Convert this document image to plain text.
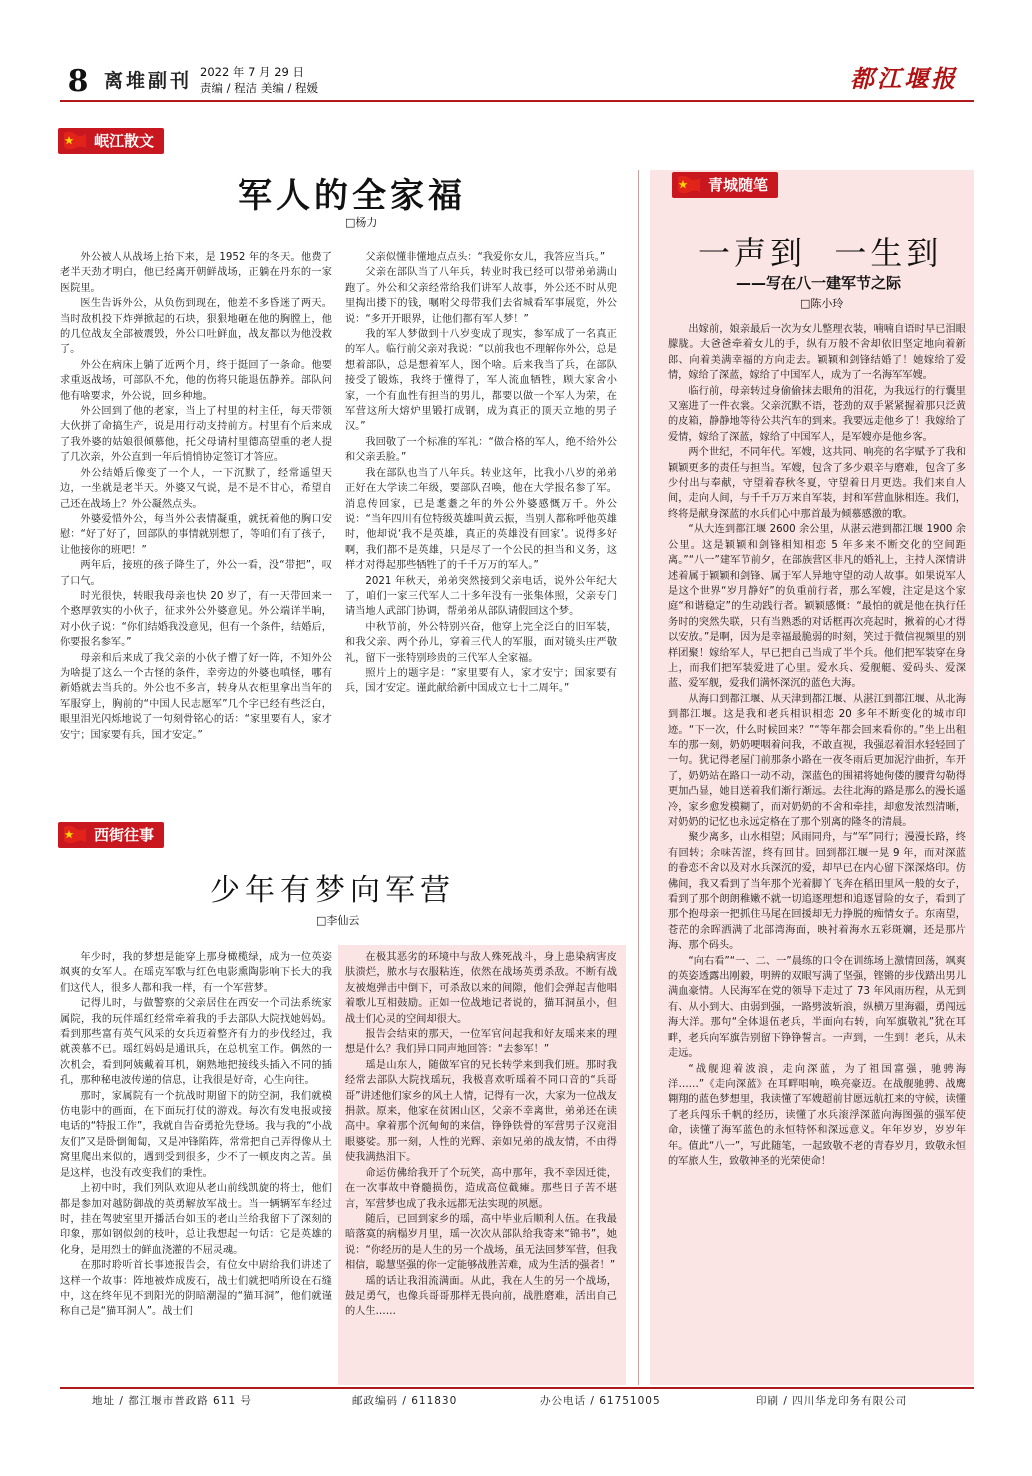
8 离堆副刊 2022 年 7 月 29 日
责编 / 程洁 美编 / 程媛	都江堰报
岷江散文
军人的全家福
□杨力

外公被人从战场上抬下来，是 1952 年的冬天。他费了老半天劲才明白，他已经离开朝鲜战场，正躺在丹东的一家医院里。

医生告诉外公，从负伤到现在，他差不多昏迷了两天。当时敌机投下炸弹掀起的石块，狠狠地砸在他的胸膛上，他的几位战友全部被震毁，外公口吐鲜血，战友都以为他没救了。

外公在病床上躺了近两个月，终于挺回了一条命。他要求重返战场，可部队不允，他的伤将只能退伍静养。部队问他有啥要求，外公说，回乡种地。

外公回到了他的老家，当上了村里的村主任，每天带领大伙拼了命搞生产，说是用行动支持前方。村里有个后来成了我外婆的姑娘很倾慕他，托父母请村里德高望重的老人提了几次亲，外公直到一年后悄悄协定签订才答应。

外公结婚后像变了一个人，一下沉默了，经常遥望天边，一坐就是老半天。外婆又气说，是不是不甘心，希望自己还在战场上？外公凝然点头。

外婆爱惜外公，每当外公表情凝重，就抚着他的胸口安慰：“好了好了，回部队的事情就别想了，等咱们有了孩子，让他接你的班吧！”

两年后，接班的孩子降生了，外公一看，没“带把”，叹了口气。

时光很快，转眼我母亲也快 20 岁了，有一天带回来一个憨厚敦实的小伙子，征求外公外婆意见。外公端详半晌，对小伙子说：“你们结婚我没意见，但有一个条件，结婚后，你要报名参军。”

母亲和后来成了我父亲的小伙子懵了好一阵，不知外公为啥提了这么一个古怪的条件，幸旁边的外婆也嗔怪，哪有新婚就去当兵的。外公也不多言，转身从衣柜里拿出当年的军服穿上，胸前的“中国人民志愿军”几个字已经有些泛白，眼里泪光闪烁地说了一句刻骨铭心的话：“家里要有人，家才安宁；国家要有兵，国才安定。”

父亲似懂非懂地点点头：“我爱你女儿，我答应当兵。”

父亲在部队当了八年兵，转业时我已经可以带弟弟满山跑了。外公和父亲经常给我们讲军人故事，外公还不时从兜里掏出搂下的钱，嘱咐父母带我们去省城看军事展览，外公说：“多开开眼界，让他们都有军人梦！”

我的军人梦做到十八岁变成了现实，参军成了一名真正的军人。临行前父亲对我说：“以前我也不理解你外公，总是想着部队，总是想着军人，图个啥。后来我当了兵，在部队接受了锻炼，我终于懂得了，军人流血牺牲，顾大家舍小家，一个有血性有担当的男儿，都要以做一个军人为荣，在军营这所大熔炉里锻打成钢，成为真正的顶天立地的男子汉。”

我回敬了一个标准的军礼：“做合格的军人，绝不给外公和父亲丢脸。”

我在部队也当了八年兵。转业这年，比我小八岁的弟弟正好在大学读二年级，要部队召唤，他在大学报名参了军。消息传回家，已是耄耋之年的外公外婆感慨万千。外公说：“当年四川有位特级英雄叫黄云振，当别人都称呼他英雄时，他却说‘我不是英雄，真正的英雄没有回家’。说得多好啊，我们都不是英雄，只是尽了一个公民的担当和义务，这样才对得起那些牺牲了的千千万万的军人。”

2021 年秋天，弟弟突然接到父亲电话，说外公年纪大了，咱们一家三代军人二十多年没有一张集体照，父亲专门请当地人武部门协调，帮弟弟从部队请假回这个梦。

中秋节前，外公特别兴奋，他穿上完全泛白的旧军装，和我父亲、两个孙儿，穿着三代人的军服，面对镜头庄严敬礼，留下一张特别珍贵的三代军人全家福。

照片上的题字是：“家里要有人，家才安宁；国家要有兵，国才安定。谨此献给新中国成立七十二周年。”

西街往事
少年有梦向军营
□李仙云

年少时，我的梦想是能穿上那身橄榄绿，成为一位英姿飒爽的女军人。在瑶克军歌与红色电影熏陶影响下长大的我们这代人，很多人都和我一样，有一个军营梦。

记得儿时，与做警察的父亲居住在西安一个司法系统家属院，我的玩伴瑶红经常牵着我的手去部队大院找她妈妈。看到那些富有英气风采的女兵迈着整齐有力的步伐经过，我就羡慕不已。瑶红妈妈是通讯兵，在总机室工作。偶然的一次机会，看到阿姨戴着耳机，娴熟地把接线头插入不同的插孔，那种秘电波传递的信息，让我很是好奇，心生向往。

那时，家属院有一个抗战时期留下的防空洞，我们就模仿电影中的画面，在下面玩打仗的游戏。每次有发电报或接电话的“特报工作”，我就自告奋勇抢先登场。我与我的“小战友们”又是卧倒匍匐，又是冲锋陷阵，常常把自己弄得像从土窝里爬出来似的，遇到受到很多，少不了一顿皮肉之苦。虽是这样，也没有改变我们的秉性。

上初中时，我们列队欢迎从老山前线凯旋的将士，他们都是参加对越防御战的英勇解放军战士。当一辆辆军车经过时，挂在驾驶室里开播活台如玉的老山兰给我留下了深刻的印象，那如钢似剑的枝叶，总让我想起一句话：它是英雄的化身，是用烈士的鲜血浇灌的不屈灵魂。

在那时聆听首长事迹报告会，有位女中尉给我们讲述了这样一个故事：阵地被炸成废石，战士们就把哨所设在石缝中，这在终年见不到阳光的阴暗潮湿的“猫耳洞”，他们就谨称自己是“猫耳洞人”。战士们

在极其恶劣的环境中与敌人殊死战斗，身上患染病害皮肤溃烂，脓水与衣服粘连，依然在战场英勇杀敌。不断有战友被炮弹击中倒下，可杀敌以来的间隙，他们会弹起吉他唱着歌儿互相鼓励。正如一位战地记者说的，猫耳洞虽小，但战士们心灵的空间却很大。

报告会结束的那天，一位军官问起我和好友瑶来来的理想是什么？我们异口同声地回答：“去参军！”

瑶是山东人，随做军官的兄长转学来到我们班。那时我经常去部队大院找瑶玩，我极喜欢听瑶着不同口音的“兵哥哥”讲述他们家乡的风土人情，记得有一次，大家为一位战友捐款。原来，他家在贫困山区，父亲不幸离世，弟弟还在读高中。拿着那个沉甸甸的来信，铮铮铁骨的军营男子汉竟泪眼婆娑。那一刻，人性的光辉、亲如兄弟的战友情，不由得使我满热泪下。

命运仿佛给我开了个玩笑，高中那年，我不幸因迁徙，在一次事故中脊髓损伤，造成高位截瘫。那些日子苦不堪言，军营梦也成了我永远都无法实现的夙愿。

随后，已回到家乡的瑶，高中毕业后顺利人伍。在我最暗落寞的病榻岁月里，瑶一次次从部队给我寄来“锦书”，她说：“你经历的是人生的另一个战场，虽无法回梦军营，但我相信，聪慧坚强的你一定能够战胜苦难，成为生活的强者！”

瑶的话让我泪流满面。从此，我在人生的另一个战场，鼓足勇气，也像兵哥哥那样无畏向前，战胜磨难，活出自己的人生……

青城随笔
一声到  一生到
——写在八一建军节之际
□陈小玲

出嫁前，娘亲最后一次为女儿整理衣装，喃喃自语时早已泪眼朦胧。大爸爸牵着女儿的手，纵有万般不舍却依旧坚定地向着新郎、向着美满幸福的方向走去。颖颖和剑锋结婚了！她嫁给了爱情，嫁给了深蓝，嫁给了中国军人，成为了一名海军军嫂。

临行前，母亲转过身偷偷抹去眼角的泪花，为我远行的行囊里又塞进了一件衣裳。父亲沉默不语，苍劲的双手紧紧握着那只泛黄的皮箱，静静地等待公共汽车的到来。我要远走他乡了！我嫁给了爱情，嫁给了深蓝，嫁给了中国军人，是军嫂亦是他乡客。

两个世纪，不同年代。军嫂，这共同、响亮的名字赋予了我和颖颖更多的责任与担当。军嫂，包含了多少艰辛与磨难，包含了多少付出与奉献，守望着春秋冬夏，守望着日月更迭。我们来自人间，走向人间，与千千万万来自军装，封和军营血脉相连。我们，终将是献身深蓝的水兵们心中那首最为倾慕感激的歌。

“从大连到都江堰 2600 余公里，从湛云港到都江堰 1900 余公里。这是颖颖和剑锋相知相恋 5 年多来不断交化的空间距离。”“八一”建军节前夕，在部族营区非凡的婚礼上，主持人深情讲述着属于颖颖和剑锋、属于军人异地守望的动人故事。如果说军人是这个世界“岁月静好”的负重前行者，那么军嫂，注定是这个家庭“和谐稳定”的生动践行者。颖颖感慨：“最怕的就是他在执行任务时的突然失联，只有当熟悉的对话框再次亮起时，揪着的心才得以安放。”是啊，因为是幸福最脆弱的时刻，笑过于微信视频里的别样团聚！嫁给军人，早已把自己当成了半个兵。他们把军装穿在身上，而我们把军装爱进了心里。爱水兵、爱舰艇、爱码头、爱深蓝、爱军舰，爱我们满怀深沉的蓝色大海。

从海口到都江堰、从天津到都江堰、从湛江到都江堰、从北海到都江堰。这是我和老兵相识相恋 20 多年不断变化的城市印迹。“下一次，什么时候回来？”“等年都会回来看你的。”坐上出租车的那一刻，奶奶哽咽着问我，不敢直视，我强忍着泪水轻轻回了一句。犹记得老屋门前那条小路在一夜冬雨后更加泥泞曲折，车开了，奶奶站在路口一动不动，深蓝色的围裙将她佝偻的腰背勾勒得更加凸显，她目送着我们渐行渐远。去往北海的路是那么的漫长遥冷，家乡愈发模糊了，而对奶奶的不舍和牵挂，却愈发浓烈清晰，对奶奶的记忆也永远定格在了那个别离的隆冬的清晨。

聚少离多，山水相望；风雨同舟，与“军”同行；漫漫长路，终有回转；余味苦涩，终有回甘。回到都江堰一晃 9 年，而对深蓝的眷恋不舍以及对水兵深沉的爱，却早已在内心留下深深烙印。仿佛间，我又看到了当年那个光着脚丫飞奔在稻田里风一般的女子，看到了那个朗朗稚嫩不就一切追逐理想和追逐冒险的女子，看到了那个抱母亲一把抓住马尾在回援却无力挣脱的痴情女子。东南望，苍茫的余晖洒满了北部湾海面，映衬着海水五彩斑斓，还是那片海、那个码头。

“向右看”“一、二、一”晨练的口令在训练场上激情回荡，飒爽的英姿透露出刚毅，明辨的双眼写满了坚强，铿锵的步伐踏出男儿满血豪情。人民海军在党的领导下走过了 73 年风雨历程，从无到有、从小到大、由弱到强，一路劈波斩浪，纵横万里海疆，勇闯远海大洋。那句“全体退伍老兵，半面向右转，向军旗敬礼”犹在耳畔，老兵向军旗告别留下铮铮誓言。一声到，一生到！老兵，从未走远。

“战舰迎着波浪，走向深蓝，为了祖国富强，驰骋海洋……”《走向深蓝》在耳畔唱响，唤亮豪迈。在战舰驰骋、战鹰翱翔的蓝色梦想里，我读懂了军嫂超前甘愿远航扛来的守候，读懂了老兵闯乐千帆的经历，读懂了水兵滚浮深蓝向海图强的强军使命，读懂了海军蓝色的永恒特怀和深远意义。年年岁岁，岁岁年年。值此“八一”，写此随笔，一起致敬不老的青春岁月，致敬永恒的军旅人生，致敬神圣的光荣使命！

地址 / 都江堰市普政路 611 号	邮政编码 / 611830	办公电话 / 61751005	印刷 / 四川华龙印务有限公司
